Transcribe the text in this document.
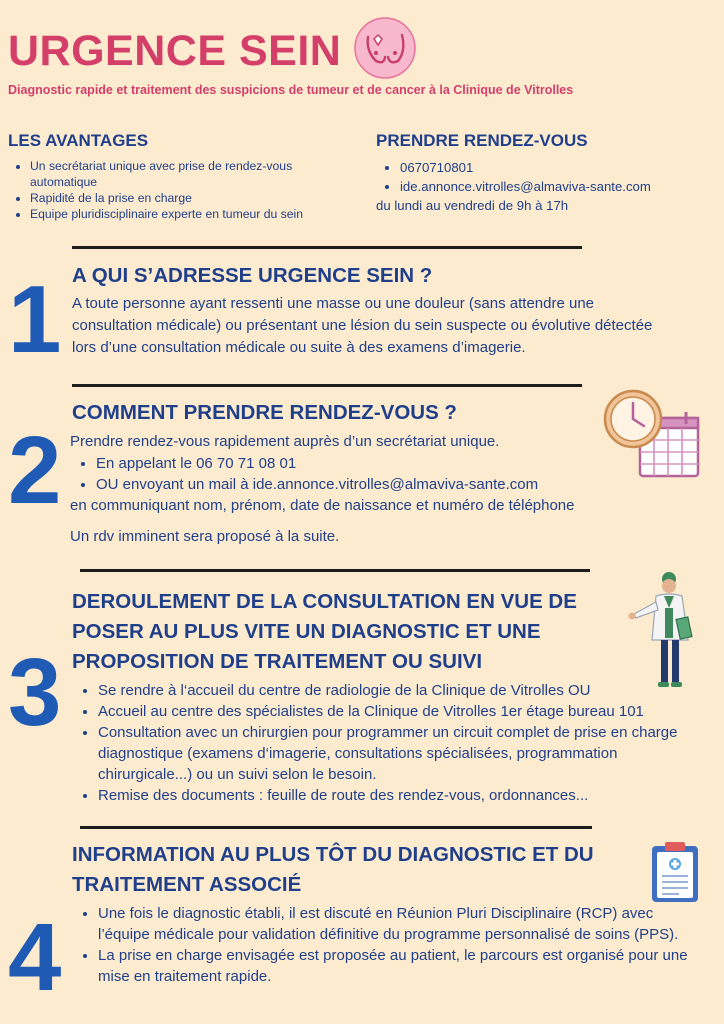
URGENCE SEIN
Diagnostic rapide et traitement des suspicions de tumeur et de cancer à la Clinique de Vitrolles
LES AVANTAGES
• Un secrétariat unique avec prise de rendez-vous automatique
• Rapidité de la prise en charge
• Equipe pluridisciplinaire experte en tumeur du sein
PRENDRE RENDEZ-VOUS
• 0670710801
• ide.annonce.vitrolles@almaviva-sante.com
du lundi au vendredi de 9h à 17h
1 A QUI S’ADRESSE URGENCE SEIN ?
A toute personne ayant ressenti une masse ou une douleur (sans attendre une consultation médicale) ou présentant une lésion du sein suspecte ou évolutive détectée lors d’une consultation médicale ou suite à des examens d’imagerie.
2
COMMENT PRENDRE RENDEZ-VOUS ?
Prendre rendez-vous rapidement auprès d’un secrétariat unique.
• En appelant le 06 70 71 08 01
• OU envoyant un mail à ide.annonce.vitrolles@almaviva-sante.com
en communiquant nom, prénom, date de naissance et numéro de téléphone
Un rdv imminent sera proposé à la suite.
3
DEROULEMENT DE LA CONSULTATION EN VUE DE POSER AU PLUS VITE UN DIAGNOSTIC ET UNE PROPOSITION DE TRAITEMENT OU SUIVI
• Se rendre à l‘accueil du centre de radiologie de la Clinique de Vitrolles OU
• Accueil au centre des spécialistes de la Clinique de Vitrolles 1er étage bureau 101
• Consultation avec un chirurgien pour programmer un circuit complet de prise en charge diagnostique (examens d‘imagerie, consultations spécialisées, programmation chirurgicale...) ou un suivi selon le besoin.
• Remise des documents : feuille de route des rendez-vous, ordonnances...
4
INFORMATION AU PLUS TÔT DU DIAGNOSTIC ET DU TRAITEMENT ASSOCIÉ
• Une fois le diagnostic établi, il est discuté en Réunion Pluri Disciplinaire (RCP) avec l’équipe médicale pour validation définitive du programme personnalisé de soins (PPS).
• La prise en charge envisagée est proposée au patient, le parcours est organisé pour une mise en traitement rapide.
